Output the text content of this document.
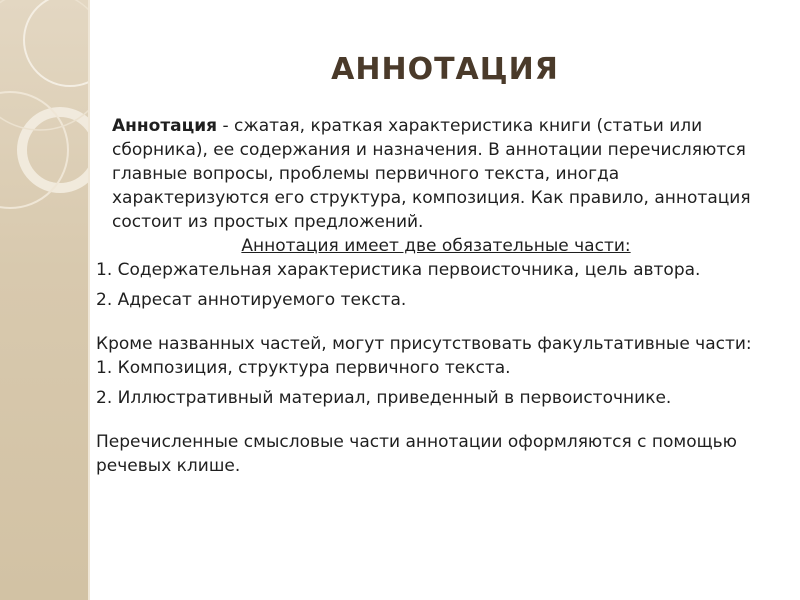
АННОТАЦИЯ

Аннотация - сжатая, краткая характеристика книги (статьи или сборника), ее содержания и назначения. В аннотации перечисляются главные вопросы, проблемы первичного текста, иногда характеризуются его структура, композиция. Как правило, аннотация состоит из простых предложений.

Аннотация имеет две обязательные части:

1. Содержательная характеристика первоисточника, цель автора.

2. Адресат аннотируемого текста.

Кроме названных частей, могут присутствовать факультативные части:

1. Композиция, структура первичного текста.

2. Иллюстративный материал, приведенный в первоисточнике.

Перечисленные смысловые части аннотации оформляются с помощью речевых клише.
